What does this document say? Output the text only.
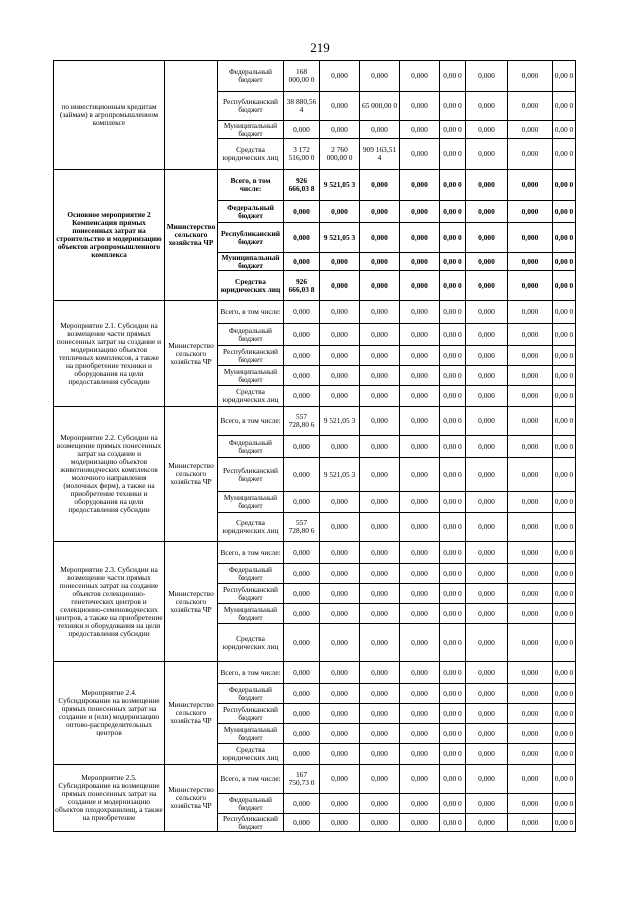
219
по инвестиционным кредитам (займам) в агропромышленном комплексе		Федеральный бюджет	168 000,00 0	0,000	0,000	0,000	0,00 0	0,000	0,000	0,00 0
		Республиканский бюджет	38 880,56 4	0,000	65 000,00 0	0,000	0,00 0	0,000	0,000	0,00 0
		Муниципальный бюджет	0,000	0,000	0,000	0,000	0,00 0	0,000	0,000	0,00 0
		Средства юридических лиц	3 172 516,00 0	2 760 000,00 0	909 163,51 4	0,000	0,00 0	0,000	0,000	0,00 0
Основное мероприятие 2 Компенсация прямых понесенных затрат на строительство и модернизацию объектов агропромышленного комплекса	Министерство сельского хозяйства ЧР	Всего, в том числе:	926 666,03 8	9 521,05 3	0,000	0,000	0,00 0	0,000	0,000	0,00 0
		Федеральный бюджет	0,000	0,000	0,000	0,000	0,00 0	0,000	0,000	0,00 0
		Республиканский бюджет	0,000	9 521,05 3	0,000	0,000	0,00 0	0,000	0,000	0,00 0
		Муниципальный бюджет	0,000	0,000	0,000	0,000	0,00 0	0,000	0,000	0,00 0
		Средства юридических лиц	926 666,03 8	0,000	0,000	0,000	0,00 0	0,000	0,000	0,00 0
Мероприятие 2.1. Субсидии на возмещение части прямых понесенных затрат на создание и модернизацию объектов тепличных комплексов, а также на приобретение техники и оборудования на цели предоставления субсидии	Министерство сельского хозяйства ЧР	Всего, в том числе:	0,000	0,000	0,000	0,000	0,00 0	0,000	0,000	0,00 0
		Федеральный бюджет	0,000	0,000	0,000	0,000	0,00 0	0,000	0,000	0,00 0
		Республиканский бюджет	0,000	0,000	0,000	0,000	0,00 0	0,000	0,000	0,00 0
		Муниципальный бюджет	0,000	0,000	0,000	0,000	0,00 0	0,000	0,000	0,00 0
		Средства юридических лиц	0,000	0,000	0,000	0,000	0,00 0	0,000	0,000	0,00 0
Мероприятие 2.2. Субсидии на возмещение прямых понесенных затрат на создание и модернизацию объектов животноводческих комплексов молочного направления (молочных ферм), а также на приобретение техники и оборудования на цели предоставления субсидии	Министерство сельского хозяйства ЧР	Всего, в том числе:	557 728,80 6	9 521,05 3	0,000	0,000	0,00 0	0,000	0,000	0,00 0
		Федеральный бюджет	0,000	0,000	0,000	0,000	0,00 0	0,000	0,000	0,00 0
		Республиканский бюджет	0,000	9 521,05 3	0,000	0,000	0,00 0	0,000	0,000	0,00 0
		Муниципальный бюджет	0,000	0,000	0,000	0,000	0,00 0	0,000	0,000	0,00 0
		Средства юридических лиц	557 728,80 6	0,000	0,000	0,000	0,00 0	0,000	0,000	0,00 0
Мероприятие 2.3. Субсидии на возмещение части прямых понесенных затрат на создание объектов селекционно-генетических центров и селекционно-семеноводческих центров, а также на приобретение техники и оборудования на цели предоставления субсидии	Министерство сельского хозяйства ЧР	Всего, в том числе:	0,000	0,000	0,000	0,000	0,00 0	0,000	0,000	0,00 0
		Федеральный бюджет	0,000	0,000	0,000	0,000	0,00 0	0,000	0,000	0,00 0
		Республиканский бюджет	0,000	0,000	0,000	0,000	0,00 0	0,000	0,000	0,00 0
		Муниципальный бюджет	0,000	0,000	0,000	0,000	0,00 0	0,000	0,000	0,00 0
		Средства юридических лиц	0,000	0,000	0,000	0,000	0,00 0	0,000	0,000	0,00 0
Мероприятие 2.4. Субсидирование на возмещение прямых понесенных затрат на создание и (или) модернизацию оптово-распределительных центров	Министерство сельского хозяйства ЧР	Всего, в том числе:	0,000	0,000	0,000	0,000	0,00 0	0,000	0,000	0,00 0
		Федеральный бюджет	0,000	0,000	0,000	0,000	0,00 0	0,000	0,000	0,00 0
		Республиканский бюджет	0,000	0,000	0,000	0,000	0,00 0	0,000	0,000	0,00 0
		Муниципальный бюджет	0,000	0,000	0,000	0,000	0,00 0	0,000	0,000	0,00 0
		Средства юридических лиц	0,000	0,000	0,000	0,000	0,00 0	0,000	0,000	0,00 0
Мероприятие 2.5. Субсидирование на возмещение прямых понесенных затрат на создание и модернизацию объектов плодохранилищ, а также на приобретение	Министерство сельского хозяйства ЧР	Всего, в том числе:	167 750,73 0	0,000	0,000	0,000	0,00 0	0,000	0,000	0,00 0
		Федеральный бюджет	0,000	0,000	0,000	0,000	0,00 0	0,000	0,000	0,00 0
		Республиканский бюджет	0,000	0,000	0,000	0,000	0,00 0	0,000	0,000	0,00 0
